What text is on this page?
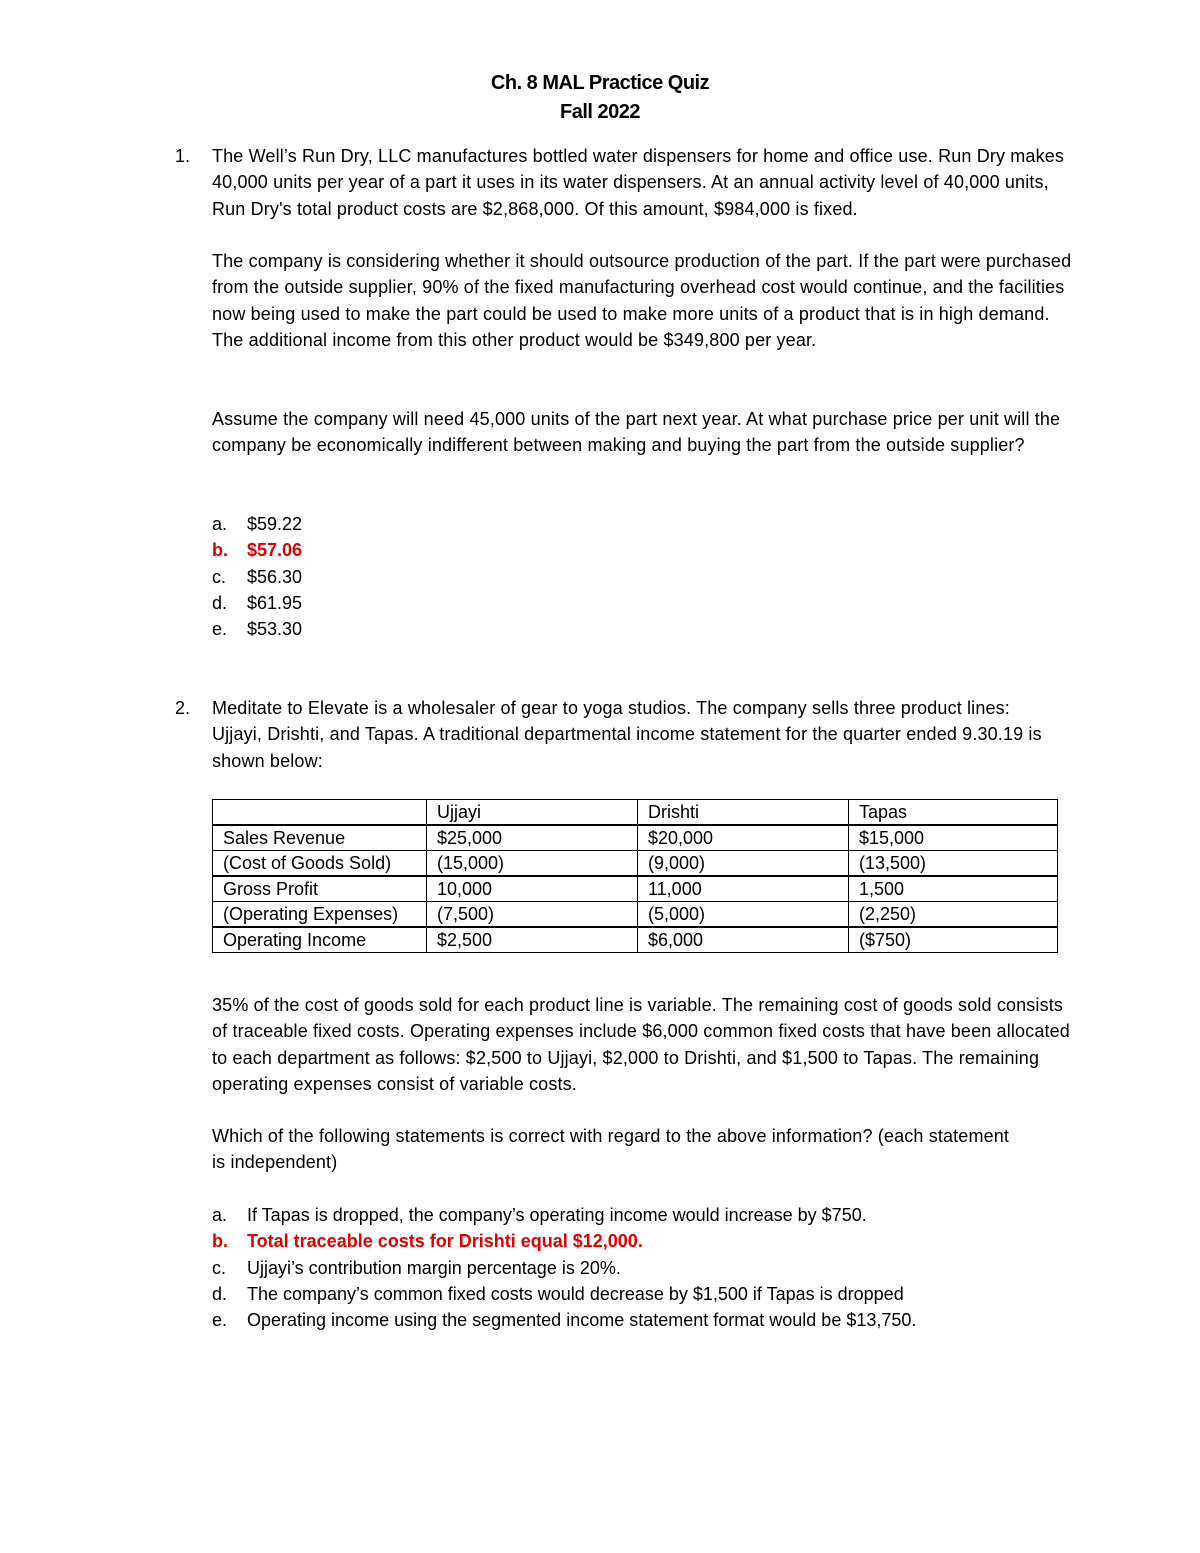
Ch. 8 MAL Practice Quiz
Fall 2022
1. The Well’s Run Dry, LLC manufactures bottled water dispensers for home and office use. Run Dry makes 40,000 units per year of a part it uses in its water dispensers. At an annual activity level of 40,000 units, Run Dry's total product costs are $2,868,000. Of this amount, $984,000 is fixed.

The company is considering whether it should outsource production of the part. If the part were purchased from the outside supplier, 90% of the fixed manufacturing overhead cost would continue, and the facilities now being used to make the part could be used to make more units of a product that is in high demand. The additional income from this other product would be $349,800 per year.

Assume the company will need 45,000 units of the part next year. At what purchase price per unit will the company be economically indifferent between making and buying the part from the outside supplier?

a.	$59.22
b.	$57.06
c.	$56.30
d.	$61.95
e.	$53.30
2. Meditate to Elevate is a wholesaler of gear to yoga studios. The company sells three product lines: Ujjayi, Drishti, and Tapas. A traditional departmental income statement for the quarter ended 9.30.19 is shown below:

	Ujjayi	Drishti	Tapas
Sales Revenue	$25,000	$20,000	$15,000
(Cost of Goods Sold)	(15,000)	(9,000)	(13,500)
Gross Profit	10,000	11,000	1,500
(Operating Expenses)	(7,500)	(5,000)	(2,250)
Operating Income	$2,500	$6,000	($750)

35% of the cost of goods sold for each product line is variable. The remaining cost of goods sold consists of traceable fixed costs. Operating expenses include $6,000 common fixed costs that have been allocated to each department as follows: $2,500 to Ujjayi, $2,000 to Drishti, and $1,500 to Tapas. The remaining operating expenses consist of variable costs.

Which of the following statements is correct with regard to the above information? (each statement is independent)

a.	If Tapas is dropped, the company’s operating income would increase by $750.
b.	Total traceable costs for Drishti equal $12,000.
c.	Ujjayi’s contribution margin percentage is 20%.
d.	The company’s common fixed costs would decrease by $1,500 if Tapas is dropped
e.	Operating income using the segmented income statement format would be $13,750.
